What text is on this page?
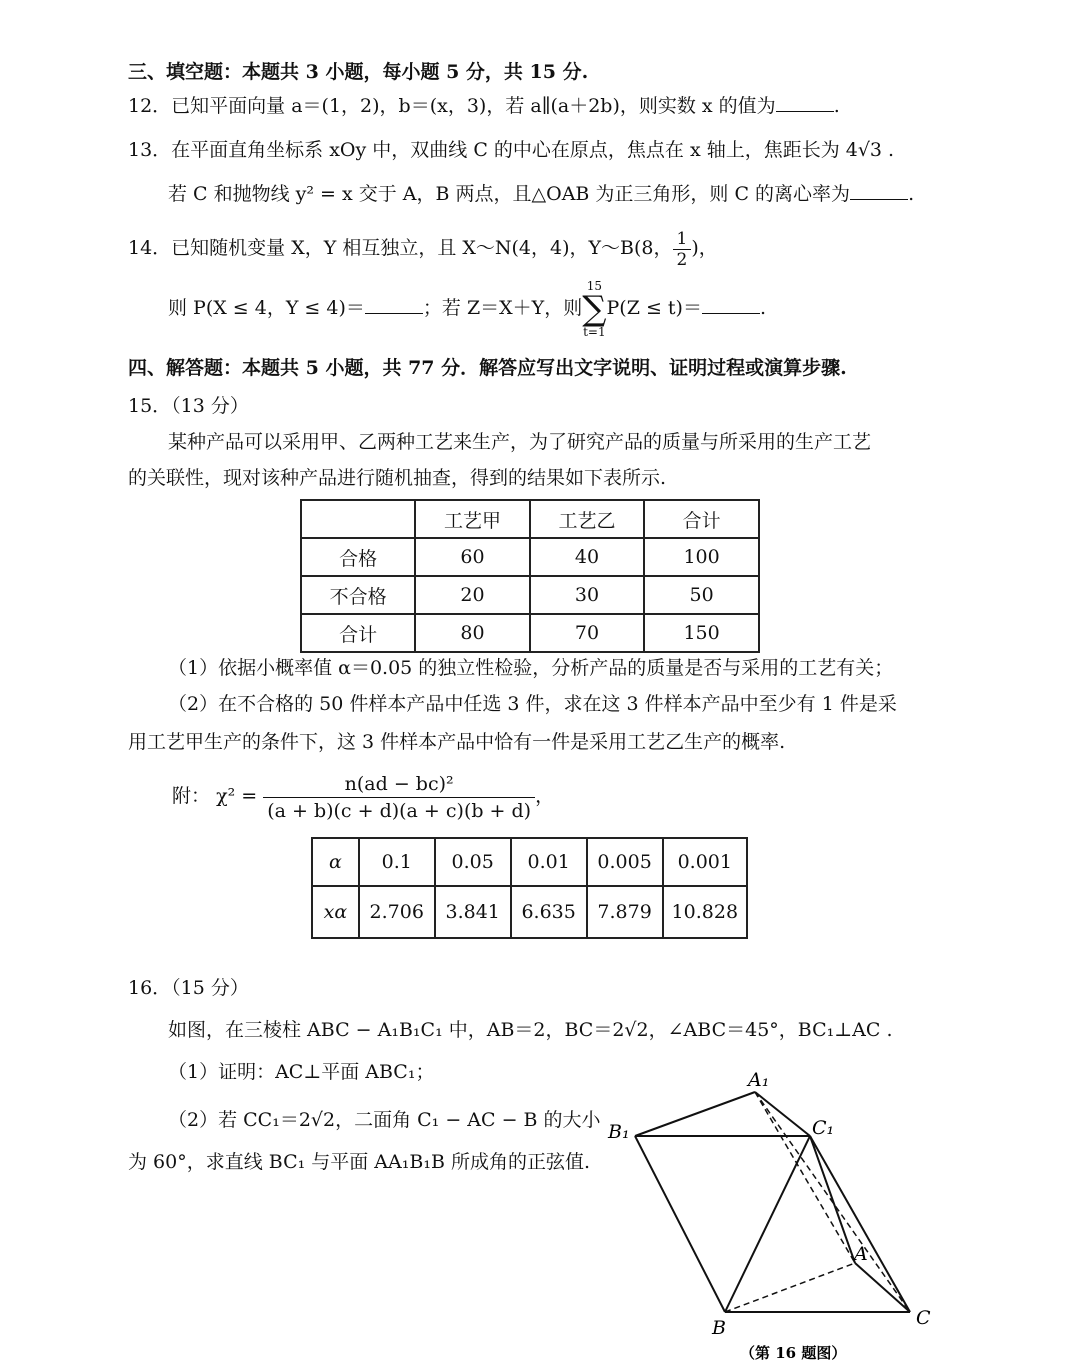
三、填空题：本题共 3 小题，每小题 5 分，共 15 分.
12．已知平面向量 a＝(1，2)，b＝(x，3)，若 a∥(a＋2b)，则实数 x 的值为	.
13．在平面直角坐标系 xOy 中，双曲线 C 的中心在原点，焦点在 x 轴上，焦距长为 4√3 .
若 C 和抛物线 y² = x 交于 A，B 两点，且△OAB 为正三角形，则 C 的离心率为	.
14．已知随机变量 X，Y 相互独立，且 X～N(4，4)，Y～B(8， $\frac{1}{2}$ )，
则 P(X ≤ 4，Y ≤ 4)＝	；若 Z＝X＋Y，则15
∑
t=1P(Z ≤ t)＝	.
四、解答题：本题共 5 小题，共 77 分．解答应写出文字说明、证明过程或演算步骤.
15．（13 分）
某种产品可以采用甲、乙两种工艺来生产，为了研究产品的质量与所采用的生产工艺
的关联性，现对该种产品进行随机抽查，得到的结果如下表所示.
	工艺甲	工艺乙	合计
合格	60	40	100
不合格	20	30	50
合计	80	70	150
（1）依据小概率值 α＝0.05 的独立性检验，分析产品的质量是否与采用的工艺有关；
（2）在不合格的 50 件样本产品中任选 3 件，求在这 3 件样本产品中至少有 1 件是采
用工艺甲生产的条件下，这 3 件样本产品中恰有一件是采用工艺乙生产的概率.
附： $\chi^2 = \frac{\text{n(ad − bc)²}}{(a + b)(c + d)(a + c)(b + d)}$ ，
α	0.1	0.05	0.01	0.005	0.001
xα	2.706	3.841	6.635	7.879	10.828
16．（15 分）
如图，在三棱柱 ABC − A₁B₁C₁ 中，AB＝2，BC＝2√2，∠ABC＝45°，BC₁⊥AC .
（1）证明：AC⊥平面 ABC₁；
（2）若 CC₁＝2√2，二面角 C₁ − AC − B 的大小
为 60°，求直线 BC₁ 与平面 AA₁B₁B 所成角的正弦值.
A₁
B₁	C₁
A
B	C
（第 16 题图）
